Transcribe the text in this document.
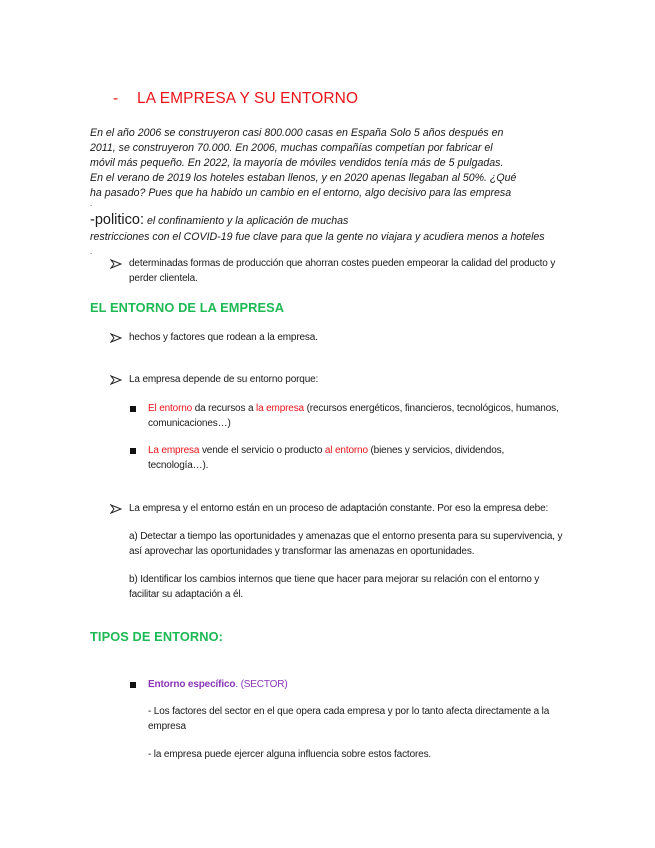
- LA EMPRESA Y SU ENTORNO
En el año 2006 se construyeron casi 800.000 casas en España Solo 5 años después en
2011, se construyeron 70.000. En 2006, muchas compañías competían por fabricar el
móvil más pequeño. En 2022, la mayoría de móviles vendidos tenía más de 5 pulgadas.
En el verano de 2019 los hoteles estaban llenos, y en 2020 apenas llegaban al 50%. ¿Qué
ha pasado? Pues que ha habido un cambio en el entorno, algo decisivo para las empresa
.
-politico: el confinamiento y la aplicación de muchas
restricciones con el COVID-19 fue clave para que la gente no viajara y acudiera menos a hoteles
.
determinadas formas de producción que ahorran costes pueden empeorar la calidad del producto y
perder clientela.
EL ENTORNO DE LA EMPRESA
hechos y factores que rodean a la empresa.
La empresa depende de su entorno porque:
El entorno da recursos a la empresa (recursos energéticos, financieros, tecnológicos, humanos,
comunicaciones…)
La empresa vende el servicio o producto al entorno (bienes y servicios, dividendos,
tecnología…).
La empresa y el entorno están en un proceso de adaptación constante. Por eso la empresa debe:
a) Detectar a tiempo las oportunidades y amenazas que el entorno presenta para su supervivencia, y
así aprovechar las oportunidades y transformar las amenazas en oportunidades.
b) Identificar los cambios internos que tiene que hacer para mejorar su relación con el entorno y
facilitar su adaptación a él.
TIPOS DE ENTORNO:
Entorno específico. (SECTOR)
- Los factores del sector en el que opera cada empresa y por lo tanto afecta directamente a la
empresa
- la empresa puede ejercer alguna influencia sobre estos factores.
